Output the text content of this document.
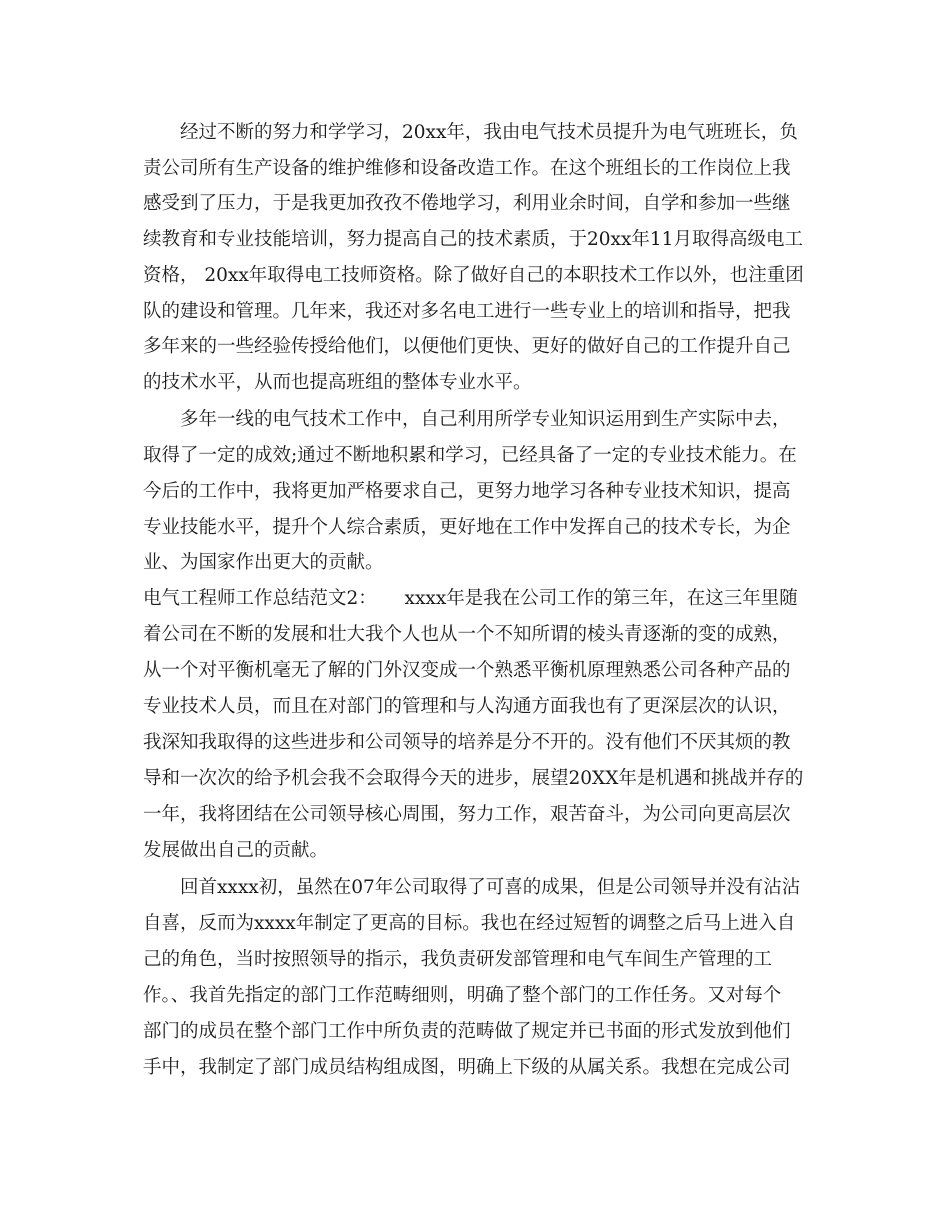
经过不断的努力和学学习，20xx年，我由电气技术员提升为电气班班长，负
责公司所有生产设备的维护维修和设备改造工作。在这个班组长的工作岗位上我
感受到了压力，于是我更加孜孜不倦地学习，利用业余时间，自学和参加一些继
续教育和专业技能培训，努力提高自己的技术素质，于20xx年11月取得高级电工
资格， 20xx年取得电工技师资格。除了做好自己的本职技术工作以外，也注重团
队的建设和管理。几年来，我还对多名电工进行一些专业上的培训和指导，把我
多年来的一些经验传授给他们，以便他们更快、更好的做好自己的工作提升自己
的技术水平，从而也提高班组的整体专业水平。
多年一线的电气技术工作中，自己利用所学专业知识运用到生产实际中去，
取得了一定的成效;通过不断地积累和学习，已经具备了一定的专业技术能力。在
今后的工作中，我将更加严格要求自己，更努力地学习各种专业技术知识，提高
专业技能水平，提升个人综合素质，更好地在工作中发挥自己的技术专长，为企
业、为国家作出更大的贡献。
电气工程师工作总结范文2：　　xxxx年是我在公司工作的第三年，在这三年里随
着公司在不断的发展和壮大我个人也从一个不知所谓的棱头青逐渐的变的成熟，
从一个对平衡机毫无了解的门外汉变成一个熟悉平衡机原理熟悉公司各种产品的
专业技术人员，而且在对部门的管理和与人沟通方面我也有了更深层次的认识，
我深知我取得的这些进步和公司领导的培养是分不开的。没有他们不厌其烦的教
导和一次次的给予机会我不会取得今天的进步，展望20XX年是机遇和挑战并存的
一年，我将团结在公司领导核心周围，努力工作，艰苦奋斗，为公司向更高层次
发展做出自己的贡献。
回首xxxx初，虽然在07年公司取得了可喜的成果，但是公司领导并没有沾沾
自喜，反而为xxxx年制定了更高的目标。我也在经过短暂的调整之后马上进入自
己的角色，当时按照领导的指示，我负责研发部管理和电气车间生产管理的工
作。、我首先指定的部门工作范畴细则，明确了整个部门的工作任务。又对每个
部门的成员在整个部门工作中所负责的范畴做了规定并已书面的形式发放到他们
手中，我制定了部门成员结构组成图，明确上下级的从属关系。我想在完成公司
